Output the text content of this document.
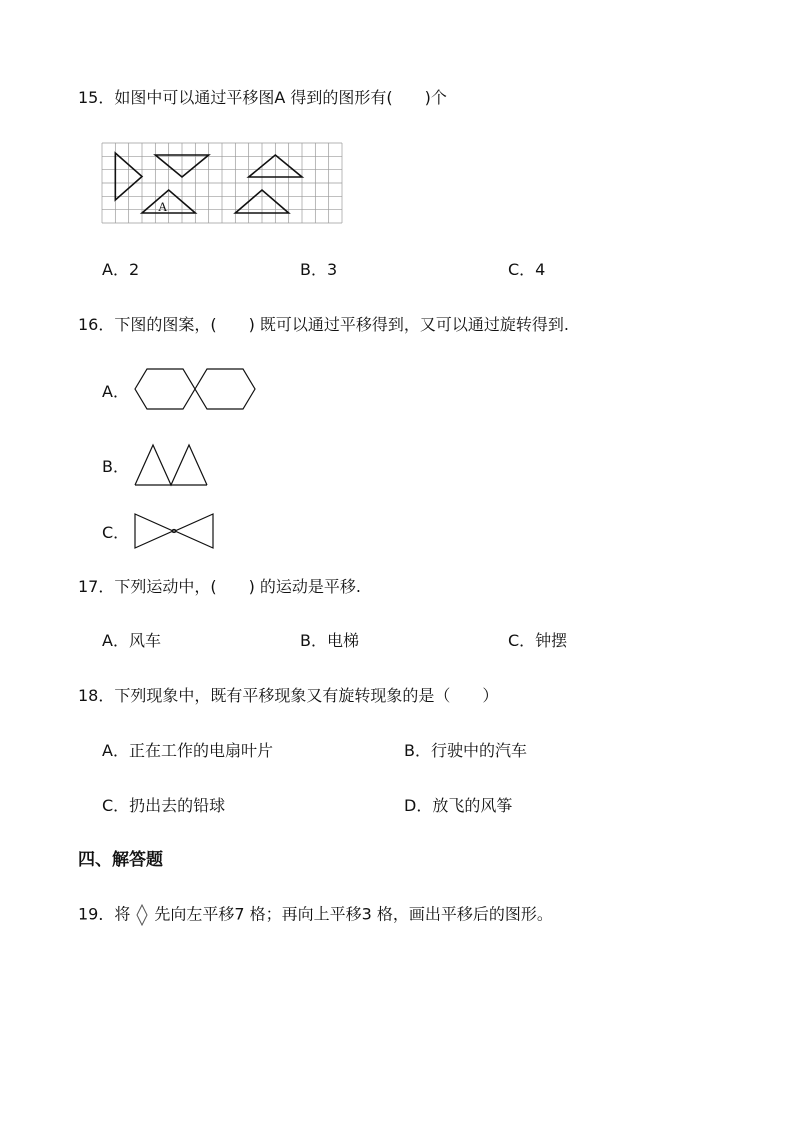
15．如图中可以通过平移图A 得到的图形有(　　)个
A
A．2	B．3	C．4
16．下图的图案，(　　) 既可以通过平移得到，又可以通过旋转得到.
A．
B．
C．
17．下列运动中，(　　) 的运动是平移.
A．风车	B．电梯	C．钟摆
18．下列现象中，既有平移现象又有旋转现象的是（　　）
A．正在工作的电扇叶片	B．行驶中的汽车
C．扔出去的铅球	D．放飞的风筝
四、解答题
19．将 先向左平移7 格；再向上平移3 格，画出平移后的图形。
